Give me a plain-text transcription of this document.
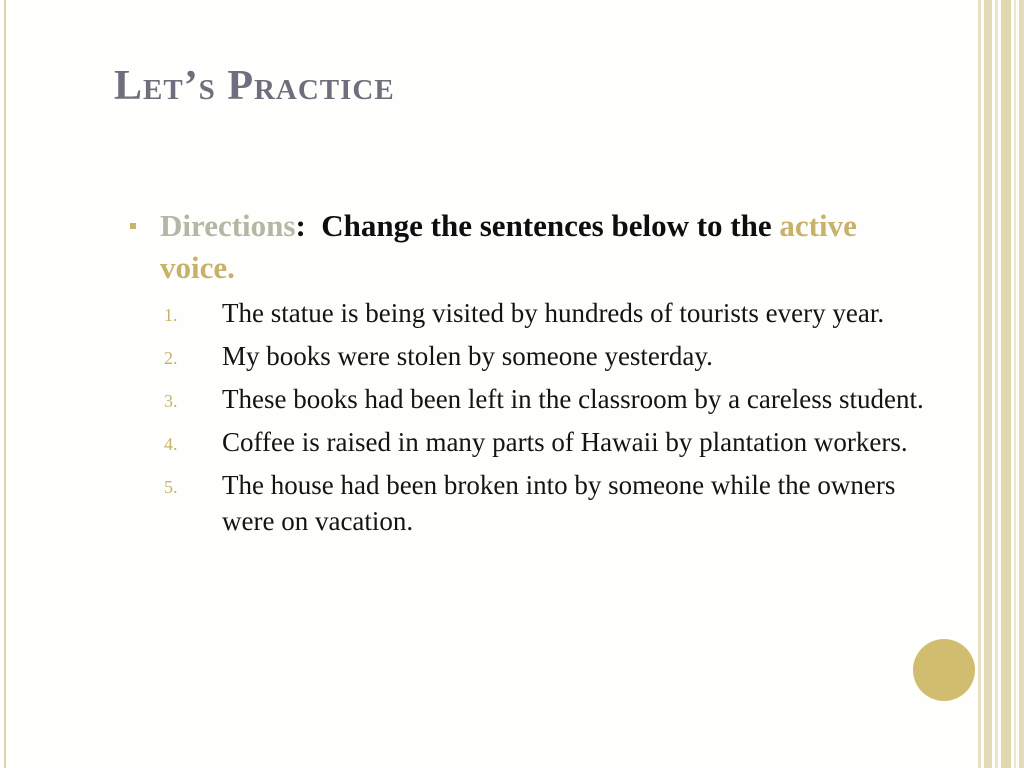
Let’s Practice
Directions: Change the sentences below to the active voice.
1. The statue is being visited by hundreds of tourists every year.
2. My books were stolen by someone yesterday.
3. These books had been left in the classroom by a careless student.
4. Coffee is raised in many parts of Hawaii by plantation workers.
5. The house had been broken into by someone while the owners were on vacation.
